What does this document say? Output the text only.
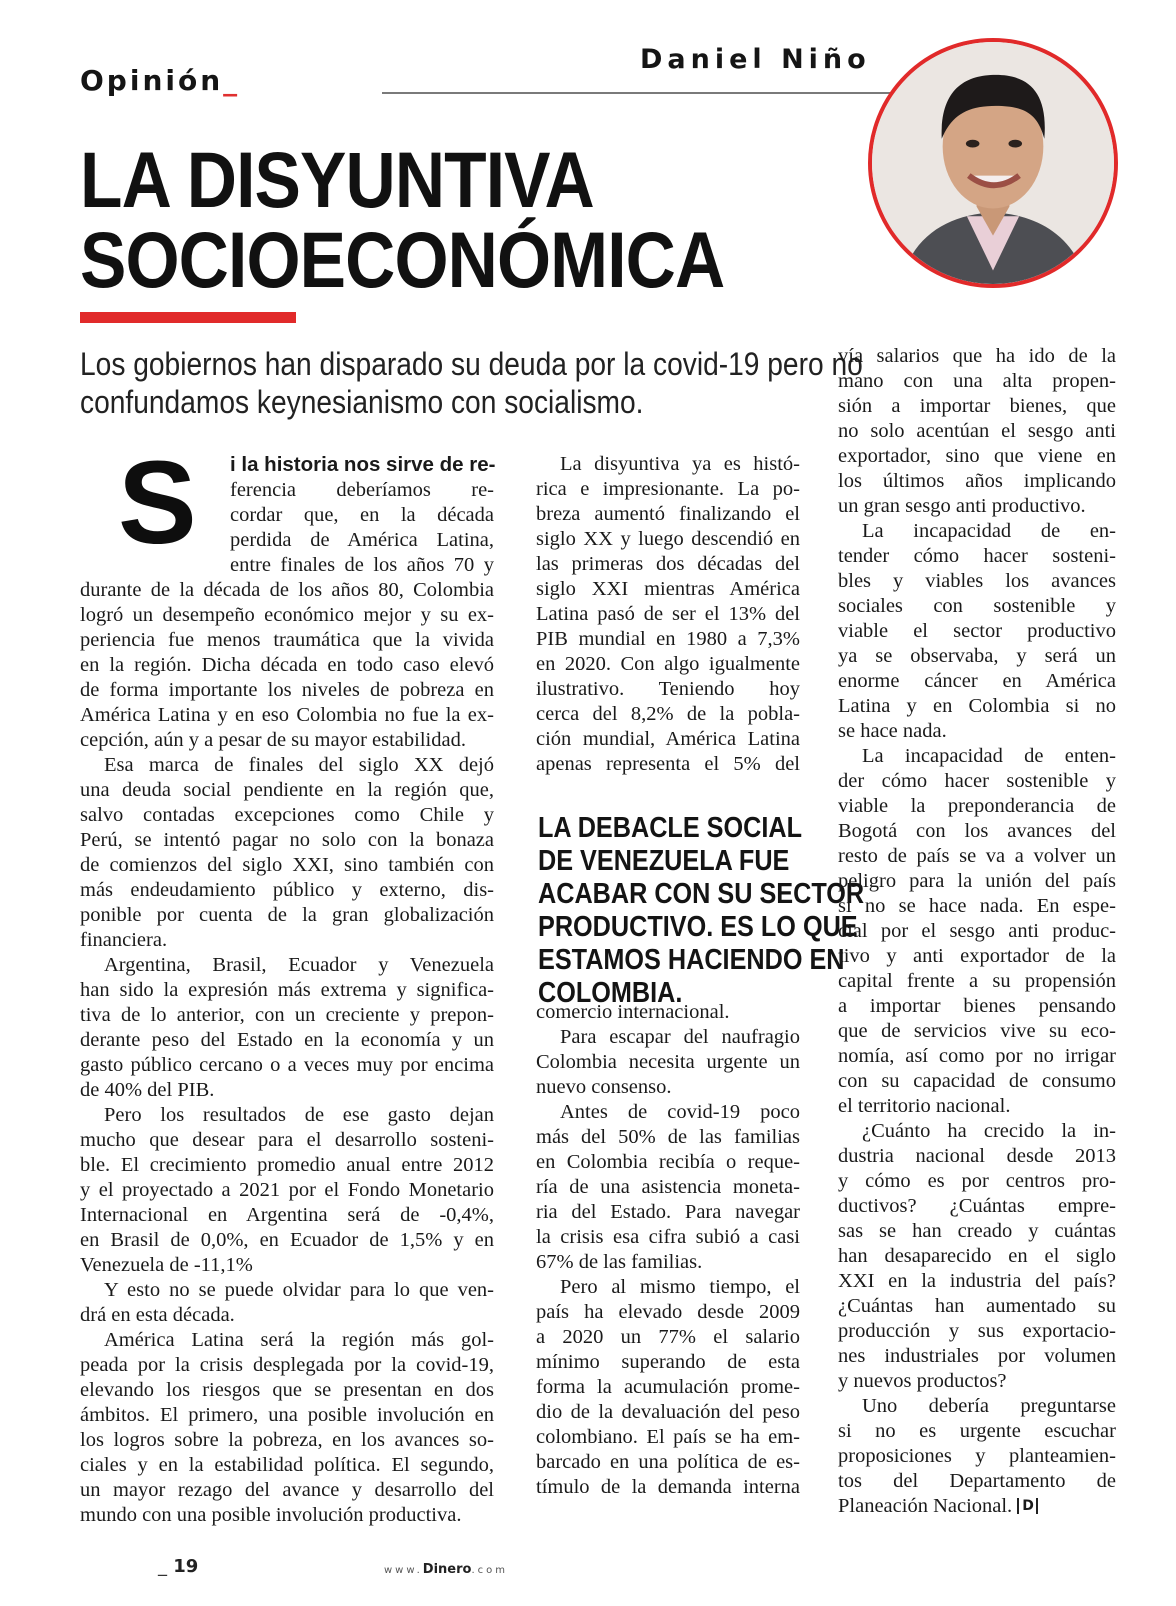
Opinión_
Daniel Niño
LA DISYUNTIVA
SOCIOECONÓMICA
Los gobiernos han disparado su deuda por la covid-19 pero no
confundamos keynesianismo con socialismo.
S	i la historia nos sirve de re-
ferencia deberíamos re-
cordar que, en la década
perdida de América Latina,
entre finales de los años 70 y
durante de la década de los años 80, Colombia
logró un desempeño económico mejor y su ex-
periencia fue menos traumática que la vivida
en la región. Dicha década en todo caso elevó
de forma importante los niveles de pobreza en
América Latina y en eso Colombia no fue la ex-
cepción, aún y a pesar de su mayor estabilidad.
Esa marca de finales del siglo XX dejó
una deuda social pendiente en la región que,
salvo contadas excepciones como Chile y
Perú, se intentó pagar no solo con la bonaza
de comienzos del siglo XXI, sino también con
más endeudamiento público y externo, dis-
ponible por cuenta de la gran globalización
financiera.
Argentina, Brasil, Ecuador y Venezuela
han sido la expresión más extrema y significa-
tiva de lo anterior, con un creciente y prepon-
derante peso del Estado en la economía y un
gasto público cercano o a veces muy por encima
de 40% del PIB.
Pero los resultados de ese gasto dejan
mucho que desear para el desarrollo sosteni-
ble. El crecimiento promedio anual entre 2012
y el proyectado a 2021 por el Fondo Monetario
Internacional en Argentina será de -0,4%,
en Brasil de 0,0%, en Ecuador de 1,5% y en
Venezuela de -11,1%
Y esto no se puede olvidar para lo que ven-
drá en esta década.
América Latina será la región más gol-
peada por la crisis desplegada por la covid-19,
elevando los riesgos que se presentan en dos
ámbitos. El primero, una posible involución en
los logros sobre la pobreza, en los avances so-
ciales y en la estabilidad política. El segundo,
un mayor rezago del avance y desarrollo del
mundo con una posible involución productiva.
La disyuntiva ya es histó-
rica e impresionante. La po-
breza aumentó finalizando el
siglo XX y luego descendió en
las primeras dos décadas del
siglo XXI mientras América
Latina pasó de ser el 13% del
PIB mundial en 1980 a 7,3%
en 2020. Con algo igualmente
ilustrativo. Teniendo hoy
cerca del 8,2% de la pobla-
ción mundial, América Latina
apenas representa el 5% del
LA DEBACLE SOCIAL
DE VENEZUELA FUE
ACABAR CON SU SECTOR
PRODUCTIVO. ES LO QUE
ESTAMOS HACIENDO EN
COLOMBIA.
comercio internacional.
Para escapar del naufragio
Colombia necesita urgente un
nuevo consenso.
Antes de covid-19 poco
más del 50% de las familias
en Colombia recibía o reque-
ría de una asistencia moneta-
ria del Estado. Para navegar
la crisis esa cifra subió a casi
67% de las familias.
Pero al mismo tiempo, el
país ha elevado desde 2009
a 2020 un 77% el salario
mínimo superando de esta
forma la acumulación prome-
dio de la devaluación del peso
colombiano. El país se ha em-
barcado en una política de es-
tímulo de la demanda interna
vía salarios que ha ido de la
mano con una alta propen-
sión a importar bienes, que
no solo acentúan el sesgo anti
exportador, sino que viene en
los últimos años implicando
un gran sesgo anti productivo.
La incapacidad de en-
tender cómo hacer sosteni-
bles y viables los avances
sociales con sostenible y
viable el sector productivo
ya se observaba, y será un
enorme cáncer en América
Latina y en Colombia si no
se hace nada.
La incapacidad de enten-
der cómo hacer sostenible y
viable la preponderancia de
Bogotá con los avances del
resto de país se va a volver un
peligro para la unión del país
si no se hace nada. En espe-
cial por el sesgo anti produc-
tivo y anti exportador de la
capital frente a su propensión
a importar bienes pensando
que de servicios vive su eco-
nomía, así como por no irrigar
con su capacidad de consumo
el territorio nacional.
¿Cuánto ha crecido la in-
dustria nacional desde 2013
y cómo es por centros pro-
ductivos? ¿Cuántas empre-
sas se han creado y cuántas
han desaparecido en el siglo
XXI en la industria del país?
¿Cuántas han aumentado su
producción y sus exportacio-
nes industriales por volumen
y nuevos productos?
Uno debería preguntarse
si no es urgente escuchar
proposiciones y planteamien-
tos del Departamento de
Planeación Nacional. D
_ 19	www.Dinero.com
